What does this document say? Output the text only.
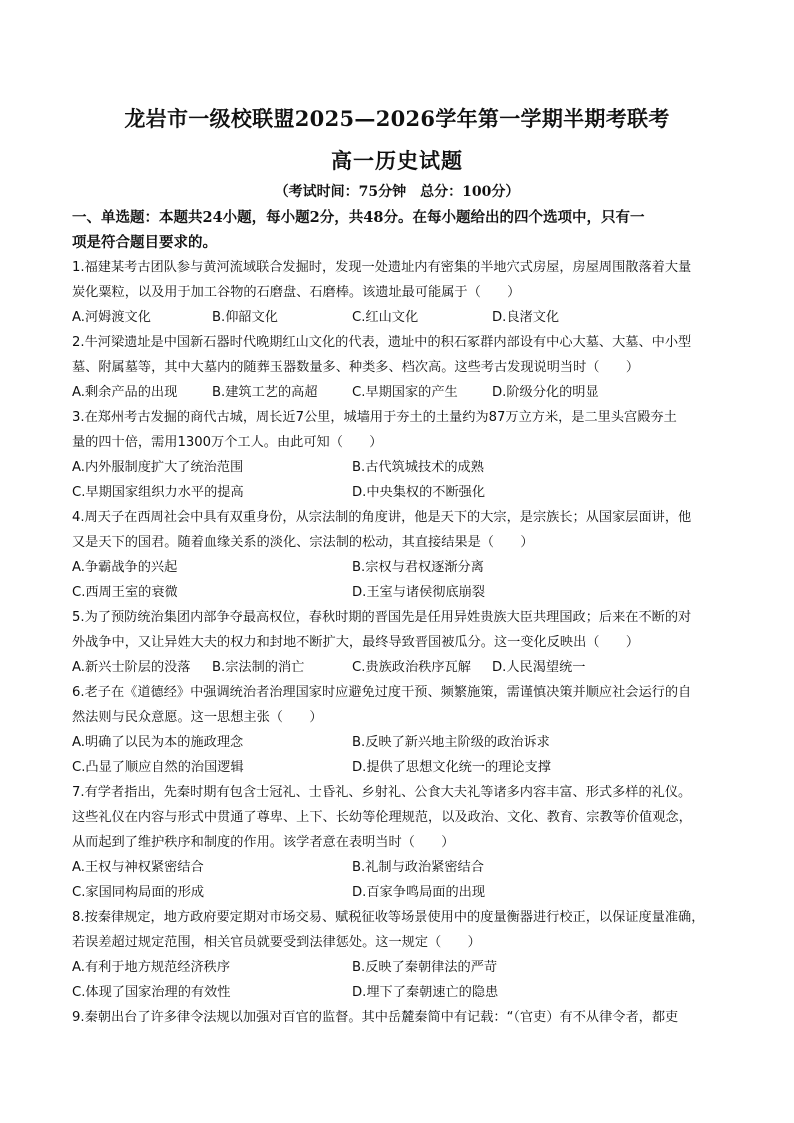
龙岩市一级校联盟2025—2026学年第一学期半期考联考
高一历史试题
（考试时间：75分钟　总分：100分）
一、单选题：本题共24小题，每小题2分，共48分。在每小题给出的四个选项中，只有一
项是符合题目要求的。
1.福建某考古团队参与黄河流域联合发掘时，发现一处遗址内有密集的半地穴式房屋，房屋周围散落着大量
炭化粟粒，以及用于加工谷物的石磨盘、石磨棒。该遗址最可能属于（　　）
A.河姆渡文化	B.仰韶文化	C.红山文化	D.良渚文化
2.牛河梁遗址是中国新石器时代晚期红山文化的代表，遗址中的积石冢群内部设有中心大墓、大墓、中小型
墓、附属墓等，其中大墓内的随葬玉器数量多、种类多、档次高。这些考古发现说明当时（　　）
A.剩余产品的出现	B.建筑工艺的高超	C.早期国家的产生	D.阶级分化的明显
3.在郑州考古发掘的商代古城，周长近7公里，城墙用于夯土的土量约为87万立方米，是二里头宫殿夯土
量的四十倍，需用1300万个工人。由此可知（　　）
A.内外服制度扩大了统治范围	B.古代筑城技术的成熟
C.早期国家组织力水平的提高	D.中央集权的不断强化
4.周天子在西周社会中具有双重身份，从宗法制的角度讲，他是天下的大宗，是宗族长；从国家层面讲，他
又是天下的国君。随着血缘关系的淡化、宗法制的松动，其直接结果是（　　）
A.争霸战争的兴起	B.宗权与君权逐渐分离
C.西周王室的衰微	D.王室与诸侯彻底崩裂
5.为了预防统治集团内部争夺最高权位，春秋时期的晋国先是任用异姓贵族大臣共理国政；后来在不断的对
外战争中，又让异姓大夫的权力和封地不断扩大，最终导致晋国被瓜分。这一变化反映出（　　）
A.新兴士阶层的没落 B.宗法制的消亡	C.贵族政治秩序瓦解 D.人民渴望统一
6.老子在《道德经》中强调统治者治理国家时应避免过度干预、频繁施策，需谨慎决策并顺应社会运行的自
然法则与民众意愿。这一思想主张（　　）
A.明确了以民为本的施政理念	B.反映了新兴地主阶级的政治诉求
C.凸显了顺应自然的治国逻辑	D.提供了思想文化统一的理论支撑
7.有学者指出，先秦时期有包含士冠礼、士昏礼、乡射礼、公食大夫礼等诸多内容丰富、形式多样的礼仪。
这些礼仪在内容与形式中贯通了尊卑、上下、长幼等伦理规范，以及政治、文化、教育、宗教等价值观念，
从而起到了维护秩序和制度的作用。该学者意在表明当时（　　）
A.王权与神权紧密结合	B.礼制与政治紧密结合
C.家国同构局面的形成	D.百家争鸣局面的出现
8.按秦律规定，地方政府要定期对市场交易、赋税征收等场景使用中的度量衡器进行校正，以保证度量准确，
若误差超过规定范围，相关官员就要受到法律惩处。这一规定（　　）
A.有利于地方规范经济秩序	B.反映了秦朝律法的严苛
C.体现了国家治理的有效性	D.埋下了秦朝速亡的隐患
9.秦朝出台了许多律令法规以加强对百官的监督。其中岳麓秦简中有记载：“（官吏）有不从律令者，都吏
